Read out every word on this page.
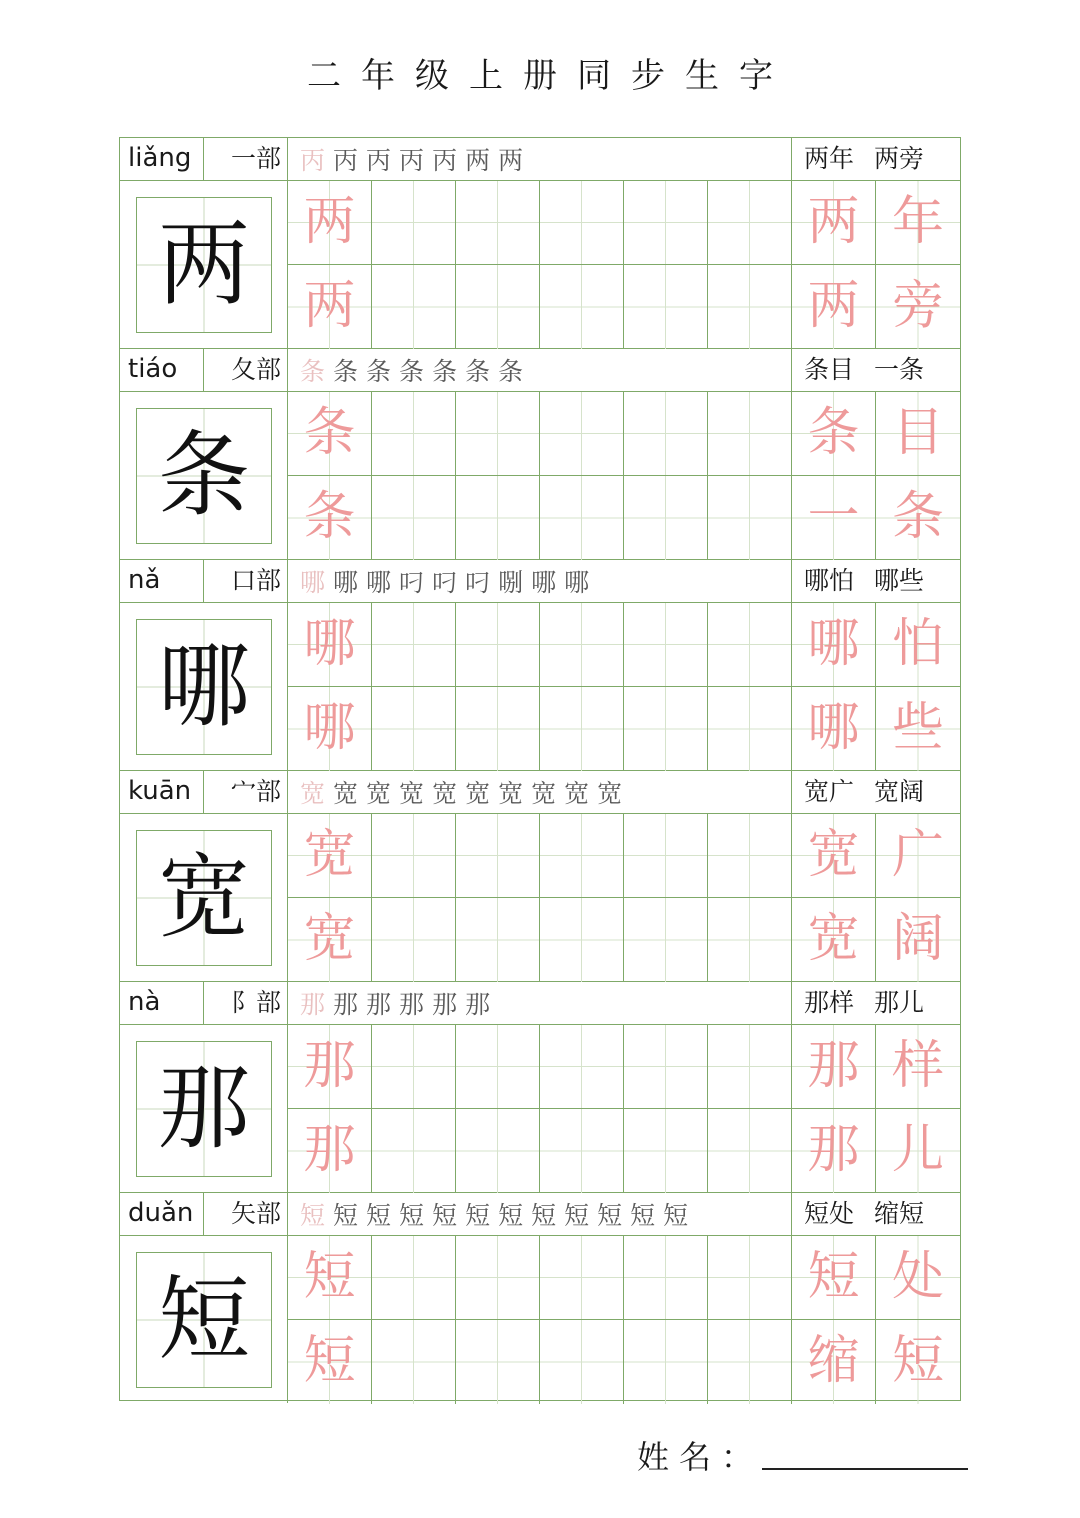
二年级上册同步生字
liǎng	一部 丙 丙 丙 丙 丙 两 两	两年 两旁
两	两	两 年
两	两 旁
tiáo	夂部 条 条 条 条 条 条 条	条目 一条
条	条	条 目
条	一 条
nǎ	口部 哪 哪 哪 叼 叼 叼 哵 哪 哪	哪怕 哪些
哪	哪	哪 怕
哪	哪 些
kuān	宀部 宽 宽 宽 宽 宽 宽 宽 宽 宽 宽	宽广 宽阔
宽	宽	宽 广
宽	宽 阔
nà	阝部 那 那 那 那 那 那	那样 那儿
那	那	那 样
那	那 儿
duǎn	矢部 短 短 短 短 短 短 短 短 短 短 短 短	短处 缩短
短	短	短 处
短	缩 短
姓名：
